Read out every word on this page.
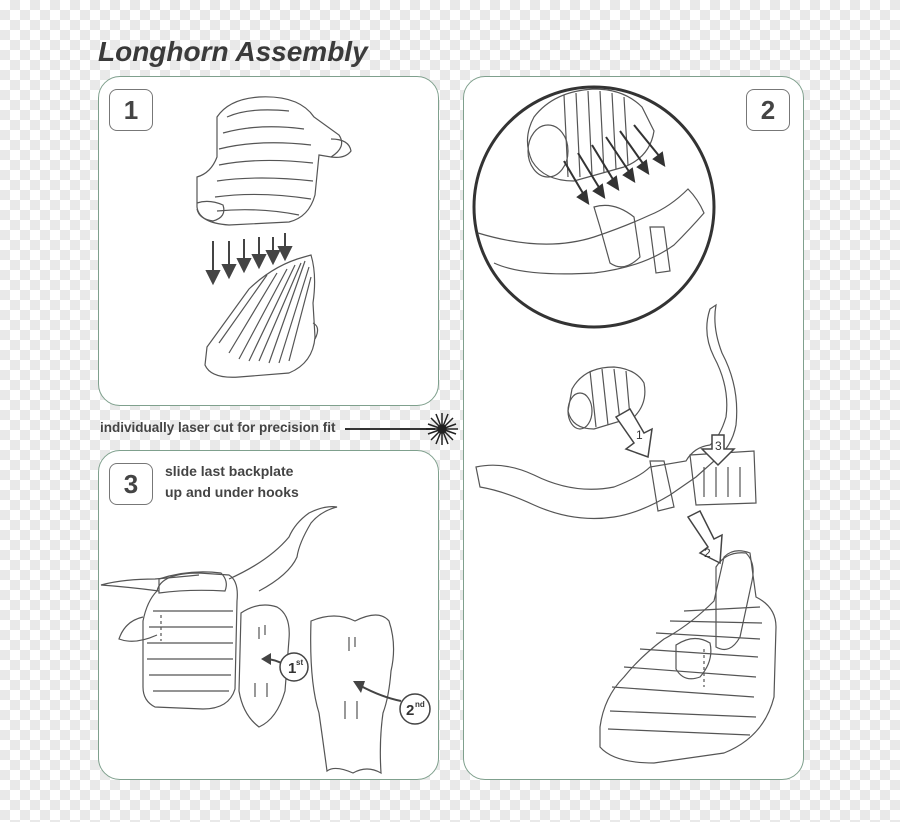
Longhorn Assembly
1
individually laser cut for precision fit
3	slide last backplate
up and under hooks
1 st
2 nd
2
1
3
2
